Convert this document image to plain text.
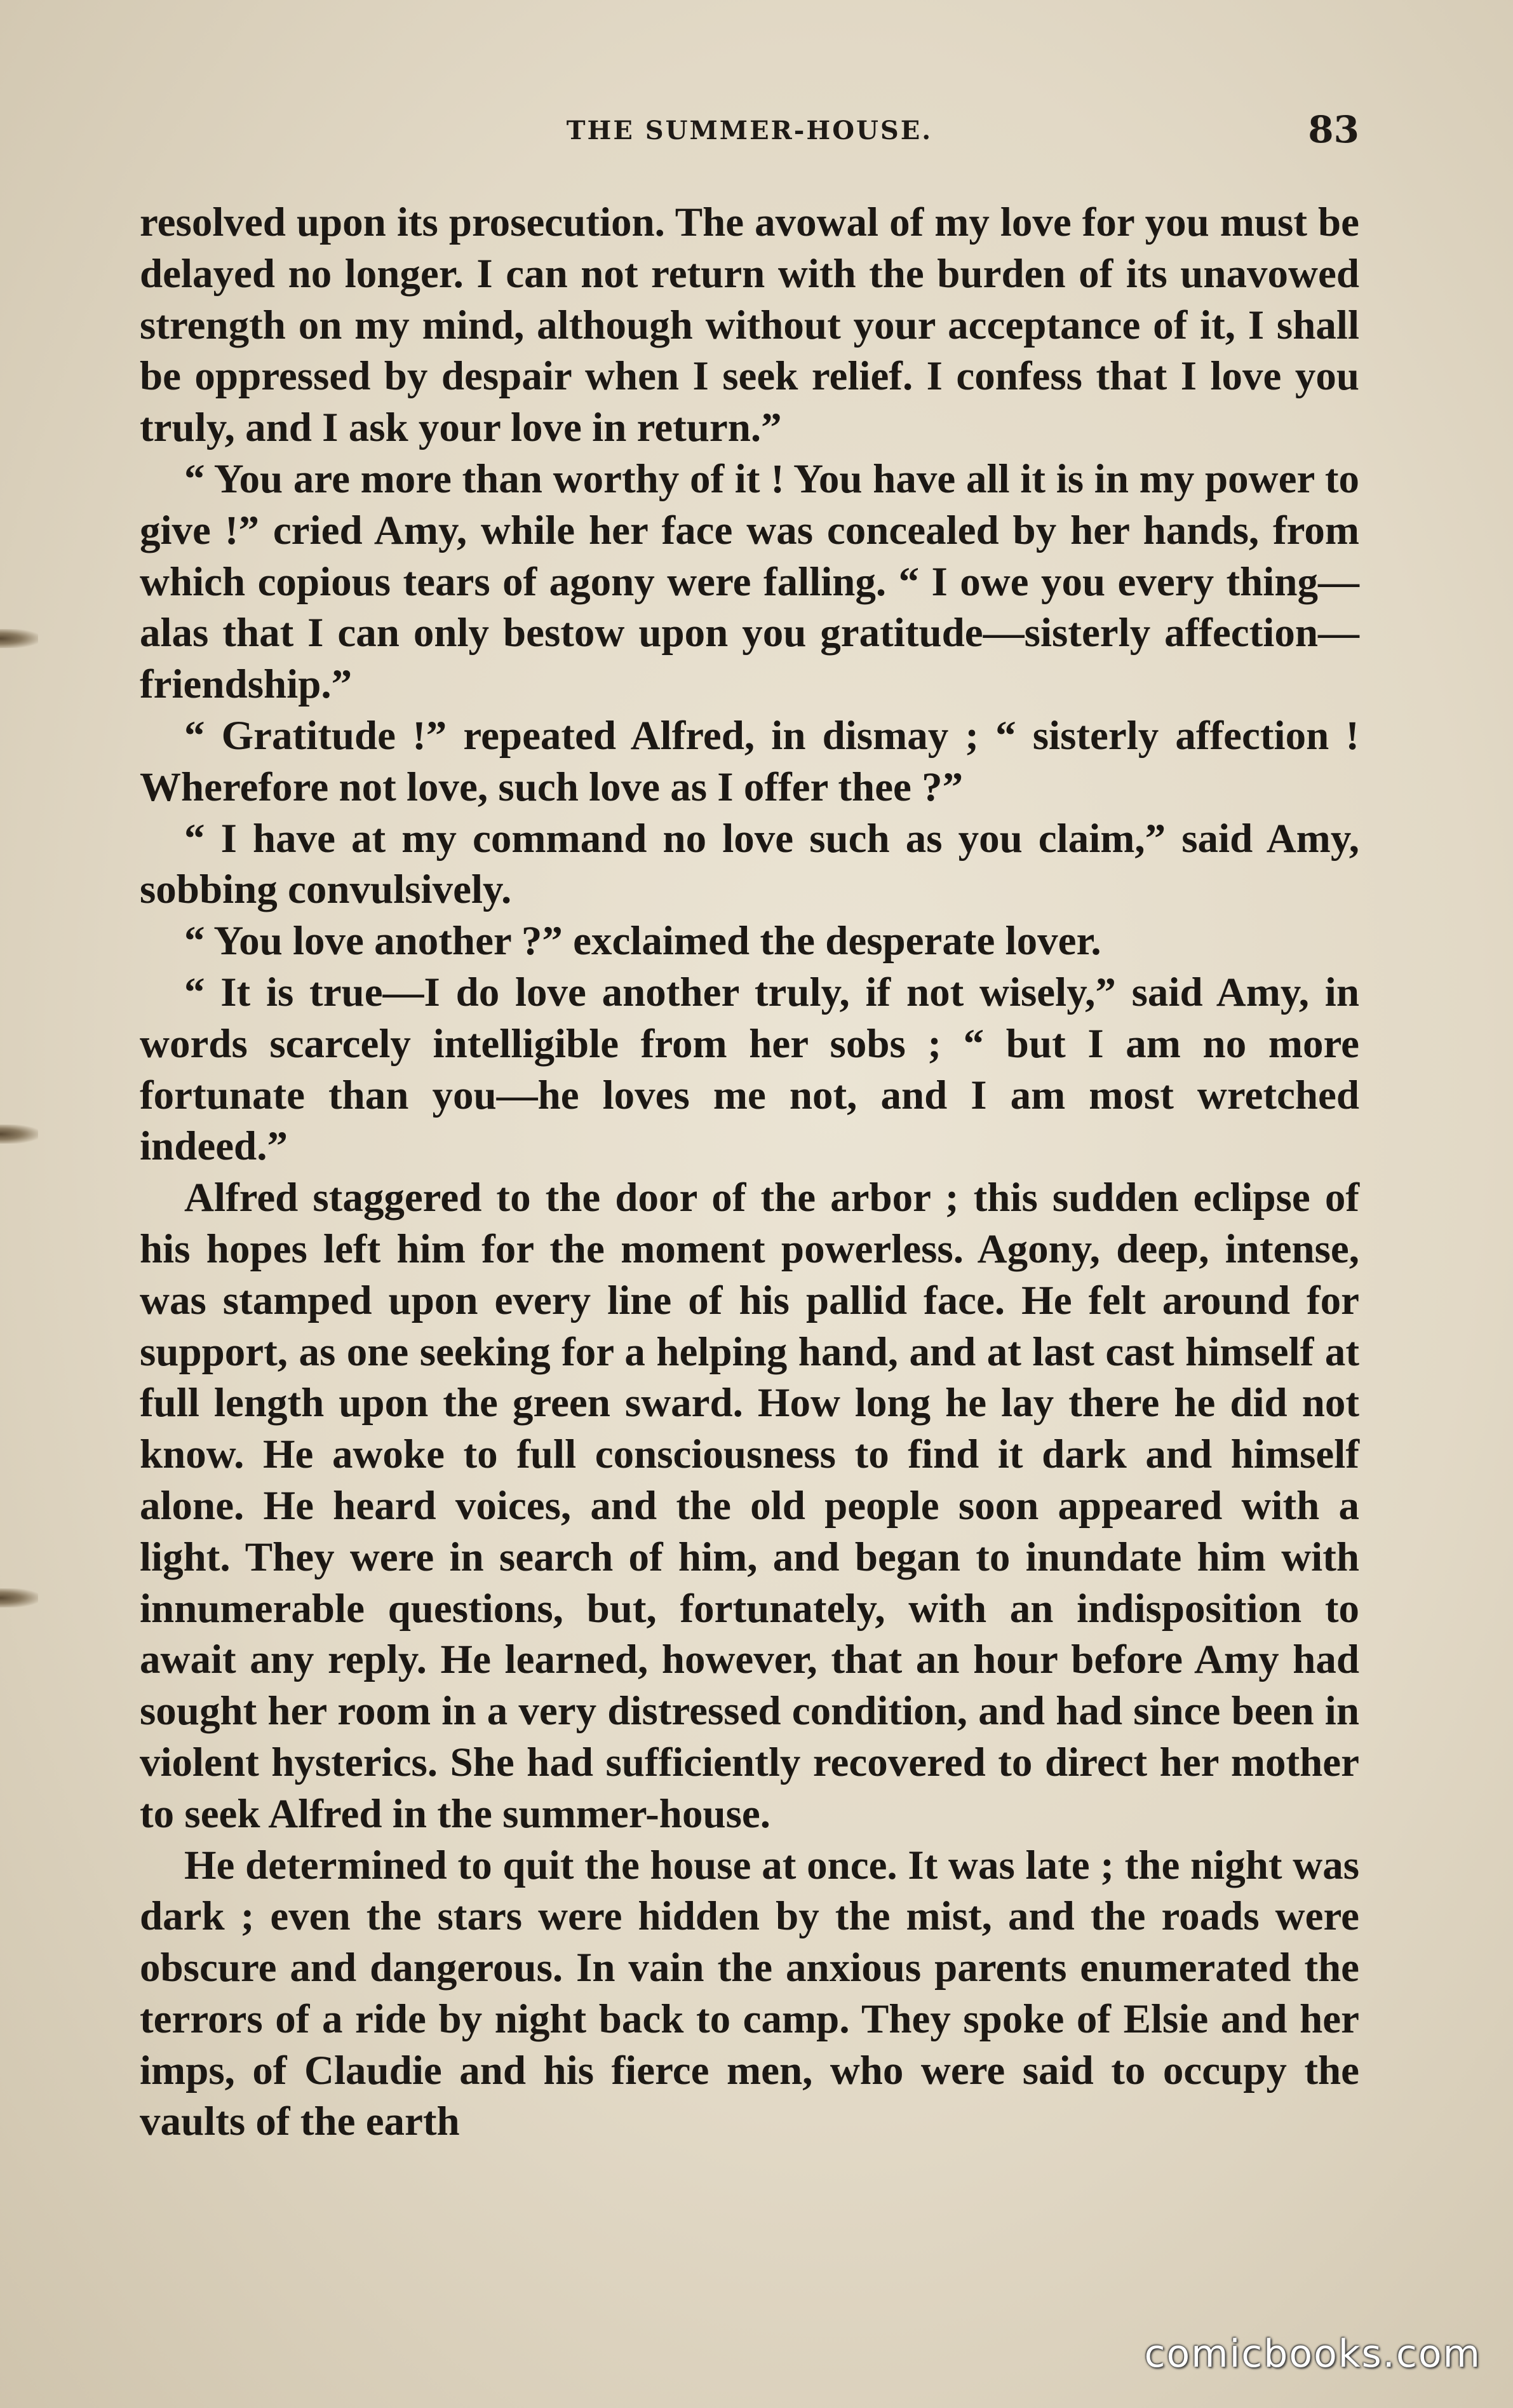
THE SUMMER-HOUSE.	83

resolved upon its prosecution. The avowal of my love for you must be delayed no longer. I can not return with the burden of its unavowed strength on my mind, although without your acceptance of it, I shall be oppressed by despair when I seek relief. I confess that I love you truly, and I ask your love in return.”

“ You are more than worthy of it ! You have all it is in my power to give !” cried Amy, while her face was concealed by her hands, from which copious tears of agony were falling. “ I owe you every thing—alas that I can only bestow upon you gratitude—sisterly affection—friendship.”

“ Gratitude !” repeated Alfred, in dismay ; “ sisterly affection ! Wherefore not love, such love as I offer thee ?”

“ I have at my command no love such as you claim,” said Amy, sobbing convulsively.

“ You love another ?” exclaimed the desperate lover.

“ It is true—I do love another truly, if not wisely,” said Amy, in words scarcely intelligible from her sobs ; “ but I am no more fortunate than you—he loves me not, and I am most wretched indeed.”

Alfred staggered to the door of the arbor ; this sudden eclipse of his hopes left him for the moment powerless. Agony, deep, intense, was stamped upon every line of his pallid face. He felt around for support, as one seeking for a helping hand, and at last cast himself at full length upon the green sward. How long he lay there he did not know. He awoke to full consciousness to find it dark and himself alone. He heard voices, and the old people soon appeared with a light. They were in search of him, and began to inundate him with innumerable questions, but, fortunately, with an indisposition to await any reply. He learned, however, that an hour before Amy had sought her room in a very distressed condition, and had since been in violent hysterics. She had sufficiently recovered to direct her mother to seek Alfred in the summer-house.

He determined to quit the house at once. It was late ; the night was dark ; even the stars were hidden by the mist, and the roads were obscure and dangerous. In vain the anxious parents enumerated the terrors of a ride by night back to camp. They spoke of Elsie and her imps, of Claudie and his fierce men, who were said to occupy the vaults of the earth

comicbooks.com
